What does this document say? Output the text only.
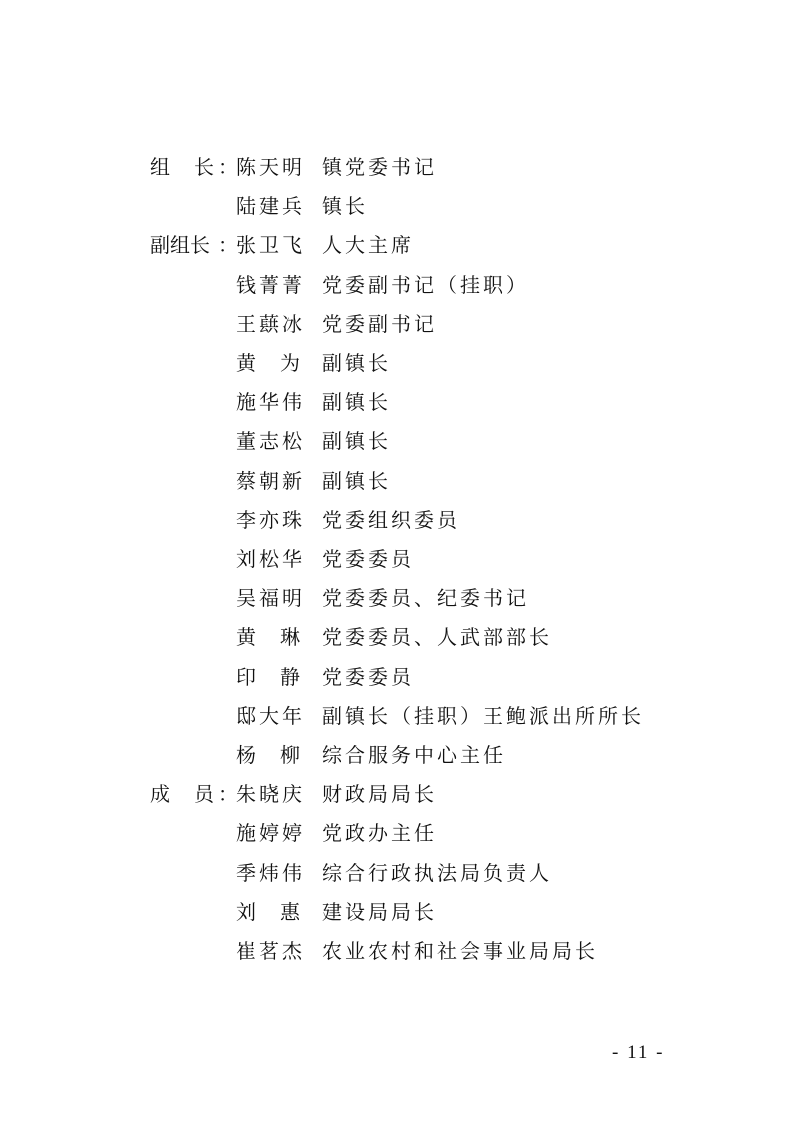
组 长 ：
陈天明 镇党委书记
陆建兵 镇长
副组长 ：
张卫飞 人大主席
钱菁菁 党委副书记（挂职）
王蕻冰 党委副书记
黄为
副镇长
施华伟 副镇长
董志松 副镇长
蔡朝新 副镇长
李亦珠 党委组织委员
刘松华 党委委员
吴福明 党委委员、纪委书记
黄琳
党委委员、人武部部长
印静
党委委员
邸大年 副镇长（挂职）王鲍派出所所长
杨柳
综合服务中心主任
成 员 ：
朱晓庆 财政局局长
施婷婷 党政办主任
季炜伟 综合行政执法局负责人
刘惠
建设局局长
崔茗杰 农业农村和社会事业局局长
- 11 -
